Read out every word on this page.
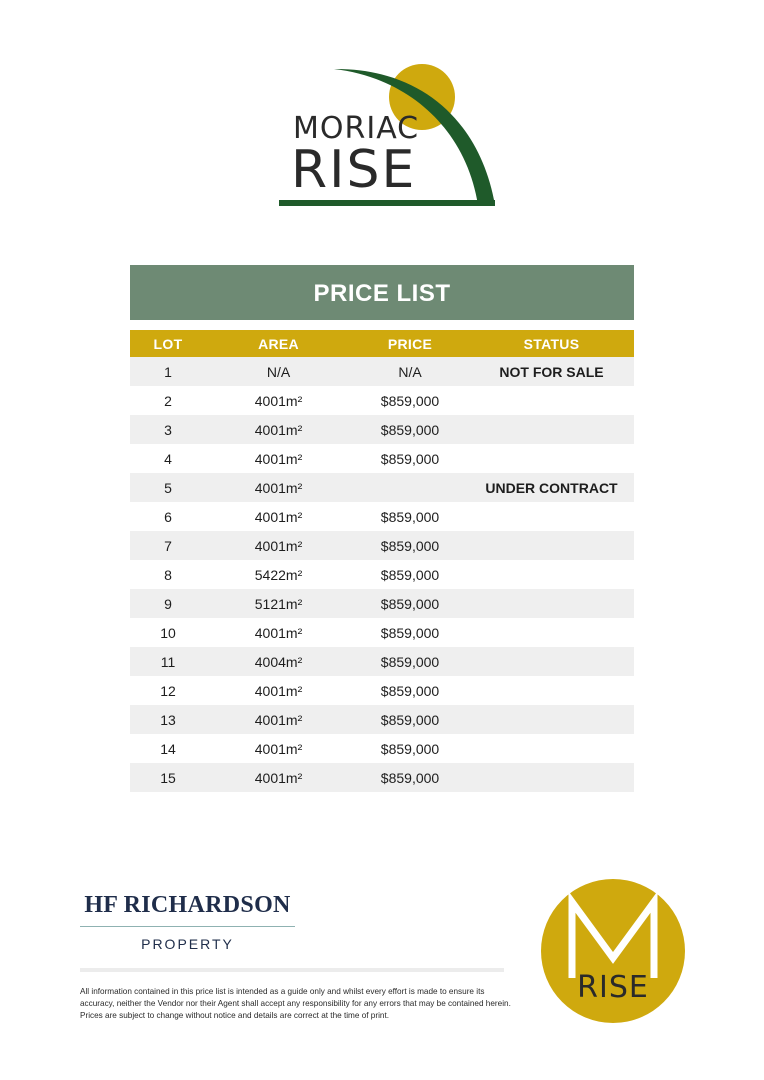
MORIAC
RISE
PRICE LIST
LOT	AREA	PRICE	STATUS
1	N/A	N/A	NOT FOR SALE
2	4001m²	$859,000	
3	4001m²	$859,000	
4	4001m²	$859,000	
5	4001m²		UNDER CONTRACT
6	4001m²	$859,000	
7	4001m²	$859,000	
8	5422m²	$859,000	
9	5121m²	$859,000	
10	4001m²	$859,000	
11	4004m²	$859,000	
12	4001m²	$859,000	
13	4001m²	$859,000	
14	4001m²	$859,000	
15	4001m²	$859,000	
HF RICHARDSON
PROPERTY
All information contained in this price list is intended as a guide only and whilst every effort is made to ensure its accuracy, neither the Vendor nor their Agent shall accept any responsibility for any errors that may be contained herein. Prices are subject to change without notice and details are correct at the time of print.
RISE
